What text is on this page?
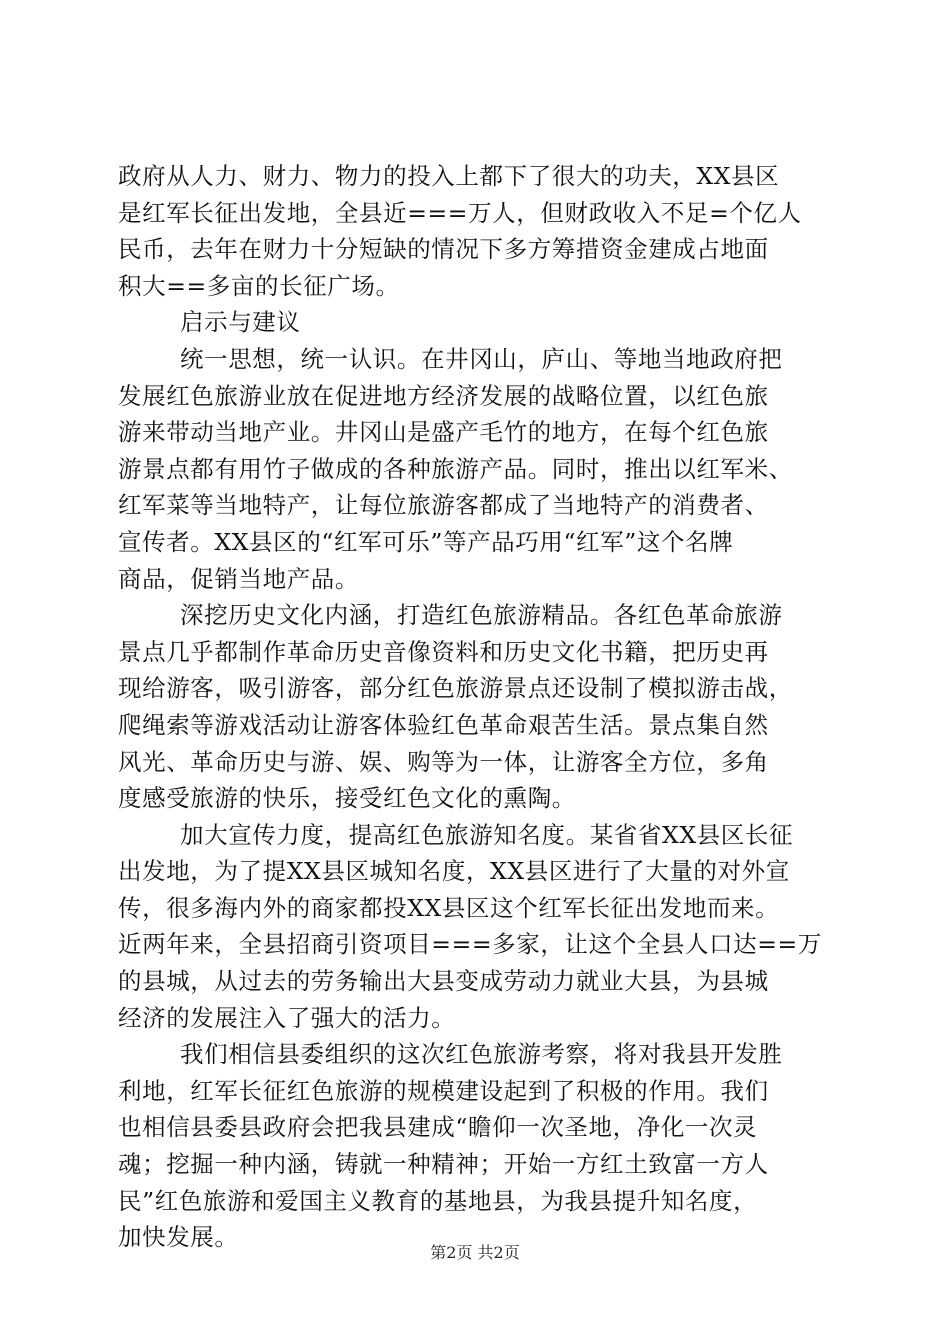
政府从人力、财力、物力的投入上都下了很大的功夫，XX县区
是红军长征出发地，全县近===万人，但财政收入不足=个亿人
民币，去年在财力十分短缺的情况下多方筹措资金建成占地面
积大==多亩的长征广场。
启示与建议
统一思想，统一认识。在井冈山，庐山、等地当地政府把
发展红色旅游业放在促进地方经济发展的战略位置，以红色旅
游来带动当地产业。井冈山是盛产毛竹的地方，在每个红色旅
游景点都有用竹子做成的各种旅游产品。同时，推出以红军米、
红军菜等当地特产，让每位旅游客都成了当地特产的消费者、
宣传者。XX县区的“红军可乐”等产品巧用“红军”这个名牌
商品，促销当地产品。
深挖历史文化内涵，打造红色旅游精品。各红色革命旅游
景点几乎都制作革命历史音像资料和历史文化书籍，把历史再
现给游客，吸引游客，部分红色旅游景点还设制了模拟游击战，
爬绳索等游戏活动让游客体验红色革命艰苦生活。景点集自然
风光、革命历史与游、娱、购等为一体，让游客全方位，多角
度感受旅游的快乐，接受红色文化的熏陶。
加大宣传力度，提高红色旅游知名度。某省省XX县区长征
出发地，为了提XX县区城知名度，XX县区进行了大量的对外宣
传，很多海内外的商家都投XX县区这个红军长征出发地而来。
近两年来，全县招商引资项目===多家，让这个全县人口达==万
的县城，从过去的劳务输出大县变成劳动力就业大县，为县城
经济的发展注入了强大的活力。
我们相信县委组织的这次红色旅游考察，将对我县开发胜
利地，红军长征红色旅游的规模建设起到了积极的作用。我们
也相信县委县政府会把我县建成“瞻仰一次圣地，净化一次灵
魂；挖掘一种内涵，铸就一种精神；开始一方红土致富一方人
民”红色旅游和爱国主义教育的基地县，为我县提升知名度，
加快发展。
第2页 共2页
